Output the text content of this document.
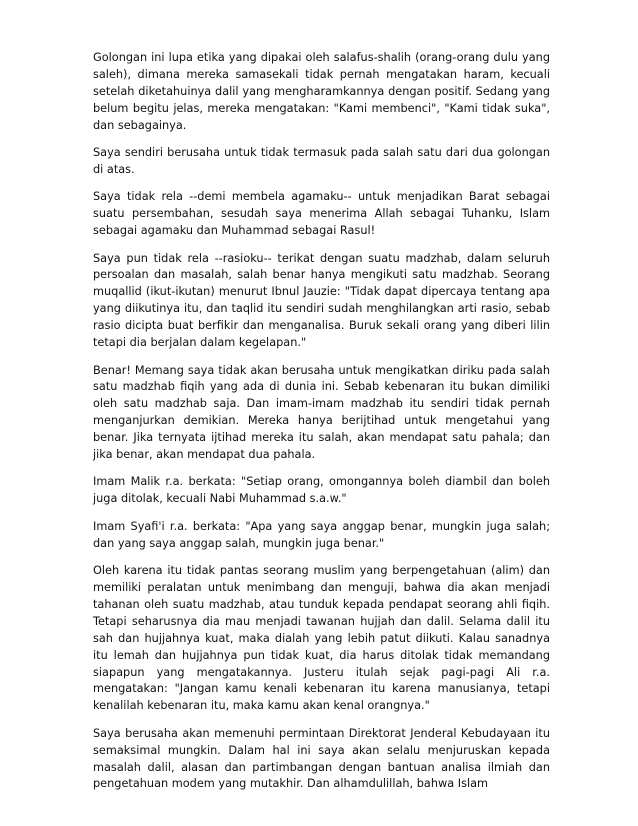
Golongan ini lupa etika yang dipakai oleh salafus-shalih (orang-orang dulu yang saleh), dimana mereka samasekali tidak pernah mengatakan haram, kecuali setelah diketahuinya dalil yang mengharamkannya dengan positif. Sedang yang belum begitu jelas, mereka mengatakan: "Kami membenci", "Kami tidak suka", dan sebagainya.

Saya sendiri berusaha untuk tidak termasuk pada salah satu dari dua golongan di atas.

Saya tidak rela --demi membela agamaku-- untuk menjadikan Barat sebagai suatu persembahan, sesudah saya menerima Allah sebagai Tuhanku, Islam sebagai agamaku dan Muhammad sebagai Rasul!

Saya pun tidak rela --rasioku-- terikat dengan suatu madzhab, dalam seluruh persoalan dan masalah, salah benar hanya mengikuti satu madzhab. Seorang muqallid (ikut-ikutan) menurut Ibnul Jauzie: "Tidak dapat dipercaya tentang apa yang diikutinya itu, dan taqlid itu sendiri sudah menghilangkan arti rasio, sebab rasio dicipta buat berfikir dan menganalisa. Buruk sekali orang yang diberi lilin tetapi dia berjalan dalam kegelapan."

Benar! Memang saya tidak akan berusaha untuk mengikatkan diriku pada salah satu madzhab fiqih yang ada di dunia ini. Sebab kebenaran itu bukan dimiliki oleh satu madzhab saja. Dan imam-imam madzhab itu sendiri tidak pernah menganjurkan demikian. Mereka hanya berijtihad untuk mengetahui yang benar. Jika ternyata ijtihad mereka itu salah, akan mendapat satu pahala; dan jika benar, akan mendapat dua pahala.

Imam Malik r.a. berkata: "Setiap orang, omongannya boleh diambil dan boleh juga ditolak, kecuali Nabi Muhammad s.a.w."

Imam Syafi'i r.a. berkata: "Apa yang saya anggap benar, mungkin juga salah; dan yang saya anggap salah, mungkin juga benar."

Oleh karena itu tidak pantas seorang muslim yang berpengetahuan (alim) dan memiliki peralatan untuk menimbang dan menguji, bahwa dia akan menjadi tahanan oleh suatu madzhab, atau tunduk kepada pendapat seorang ahli fiqih. Tetapi seharusnya dia mau menjadi tawanan hujjah dan dalil. Selama dalil itu sah dan hujjahnya kuat, maka dialah yang lebih patut diikuti. Kalau sanadnya itu lemah dan hujjahnya pun tidak kuat, dia harus ditolak tidak memandang siapapun yang mengatakannya. Justeru itulah sejak pagi-pagi Ali r.a. mengatakan: "Jangan kamu kenali kebenaran itu karena manusianya, tetapi kenalilah kebenaran itu, maka kamu akan kenal orangnya."

Saya berusaha akan memenuhi permintaan Direktorat Jenderal Kebudayaan itu semaksimal mungkin. Dalam hal ini saya akan selalu menjuruskan kepada masalah dalil, alasan dan partimbangan dengan bantuan analisa ilmiah dan pengetahuan modem yang mutakhir. Dan alhamdulillah, bahwa Islam
